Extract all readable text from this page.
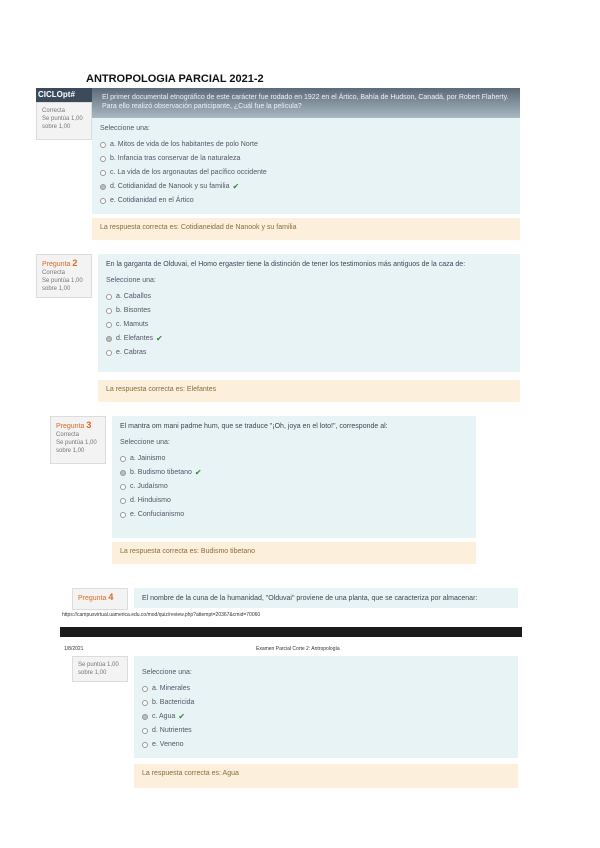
ANTROPOLOGIA PARCIAL 2021-2
Correcta
Se puntúa 1,00 sobre 1,00
CICLOpt#	El primer documental etnográfico de este carácter fue rodado en 1922 en el Ártico, Bahía de Hudson, Canadá, por Robert Flaherty. Para ello realizó observación participante, ¿Cuál fue la película?
Seleccione una:
a. Mitos de vida de los habitantes de polo Norte
b. Infancia tras conservar de la naturaleza
c. La vida de los argonautas del pacífico occidente
d. Cotidianidad de Nanook y su familia ✔
e. Cotidianidad en el Ártico
La respuesta correcta es: Cotidianeidad de Nanook y su familia
Pregunta 2
Correcta
Se puntúa 1,00 sobre 1,00
En la garganta de Olduvai, el Homo ergaster tiene la distinción de tener los testimonios más antiguos de la caza de:
Seleccione una:
a. Caballos
b. Bisontes
c. Mamuts
d. Elefantes ✔
e. Cabras
La respuesta correcta es: Elefantes
Pregunta 3
Correcta
Se puntúa 1,00 sobre 1,00
El mantra om mani padme hum, que se traduce "¡Oh, joya en el loto!", corresponde al:
Seleccione una:
a. Jainismo
b. Budismo tibetano ✔
c. Judaísmo
d. Hinduismo
e. Confucianismo
La respuesta correcta es: Budismo tibetano
Pregunta 4	El nombre de la cuna de la humanidad, "Olduvai" proviene de una planta, que se caracteriza por almacenar:
https://campusvirtual.uamerica.edu.co/mod/quiz/review.php?attempt=20367&cmid=70060
1/8/2021	Examen Parcial Corte 2: Antropología
Se puntúa 1,00 sobre 1,00	Seleccione una:
a. Minerales
b. Bactericida
c. Agua ✔
d. Nutrientes
e. Veneno
La respuesta correcta es: Agua
